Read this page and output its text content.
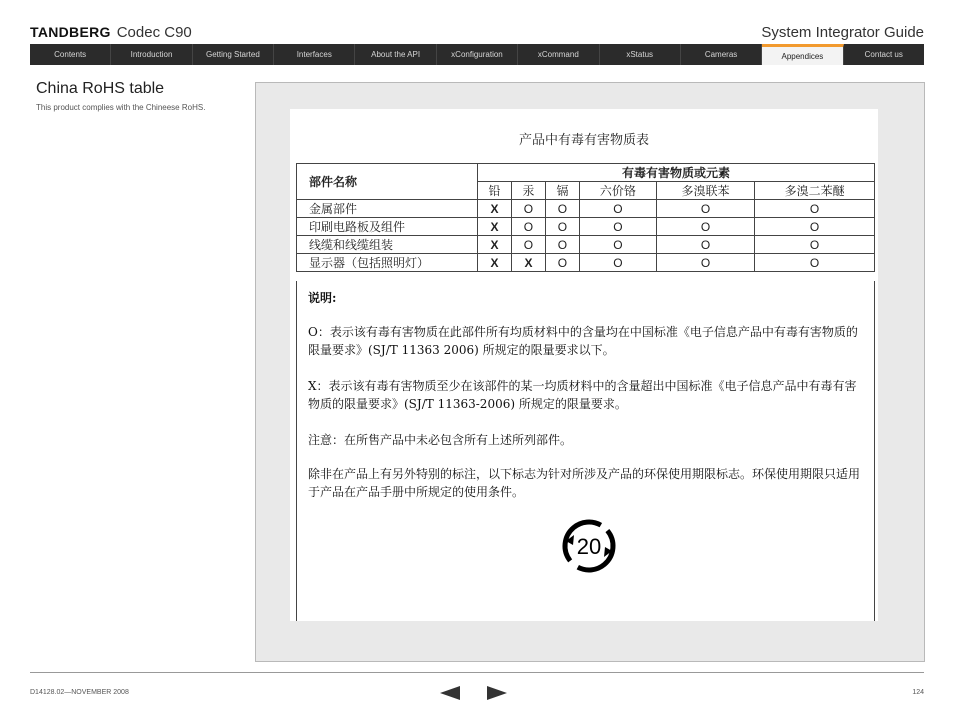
TANDBERG Codec C90	System Integrator Guide
Contents	Introduction	Getting Started	Interfaces	About the API	xConfiguration	xCommand	xStatus	Cameras	Appendices	Contact us
China RoHS table
This product complies with the Chineese RoHS.
产品中有毒有害物质表
部件名称	有毒有害物质或元素					
	铅	汞	镉	六价铬	多溴联苯	多溴二苯醚
金属部件	X	O	O	O	O	O
印刷电路板及组件	X	O	O	O	O	O
线缆和线缆组装	X	O	O	O	O	O
显示器（包括照明灯）	X	X	O	O	O	O
说明:
O：表示该有毒有害物质在此部件所有均质材料中的含量均在中国标准《电子信息产品中有毒有害物质的限量要求》(SJ/T 11363 2006) 所规定的限量要求以下。
X：表示该有毒有害物质至少在该部件的某一均质材料中的含量超出中国标准《电子信息产品中有毒有害物质的限量要求》(SJ/T 11363-2006) 所规定的限量要求。
注意：在所售产品中未必包含所有上述所列部件。
除非在产品上有另外特别的标注，以下标志为针对所涉及产品的环保使用期限标志。环保使用期限只适用于产品在产品手册中所规定的使用条件。
20
D14128.02—NOVEMBER 2008	124
